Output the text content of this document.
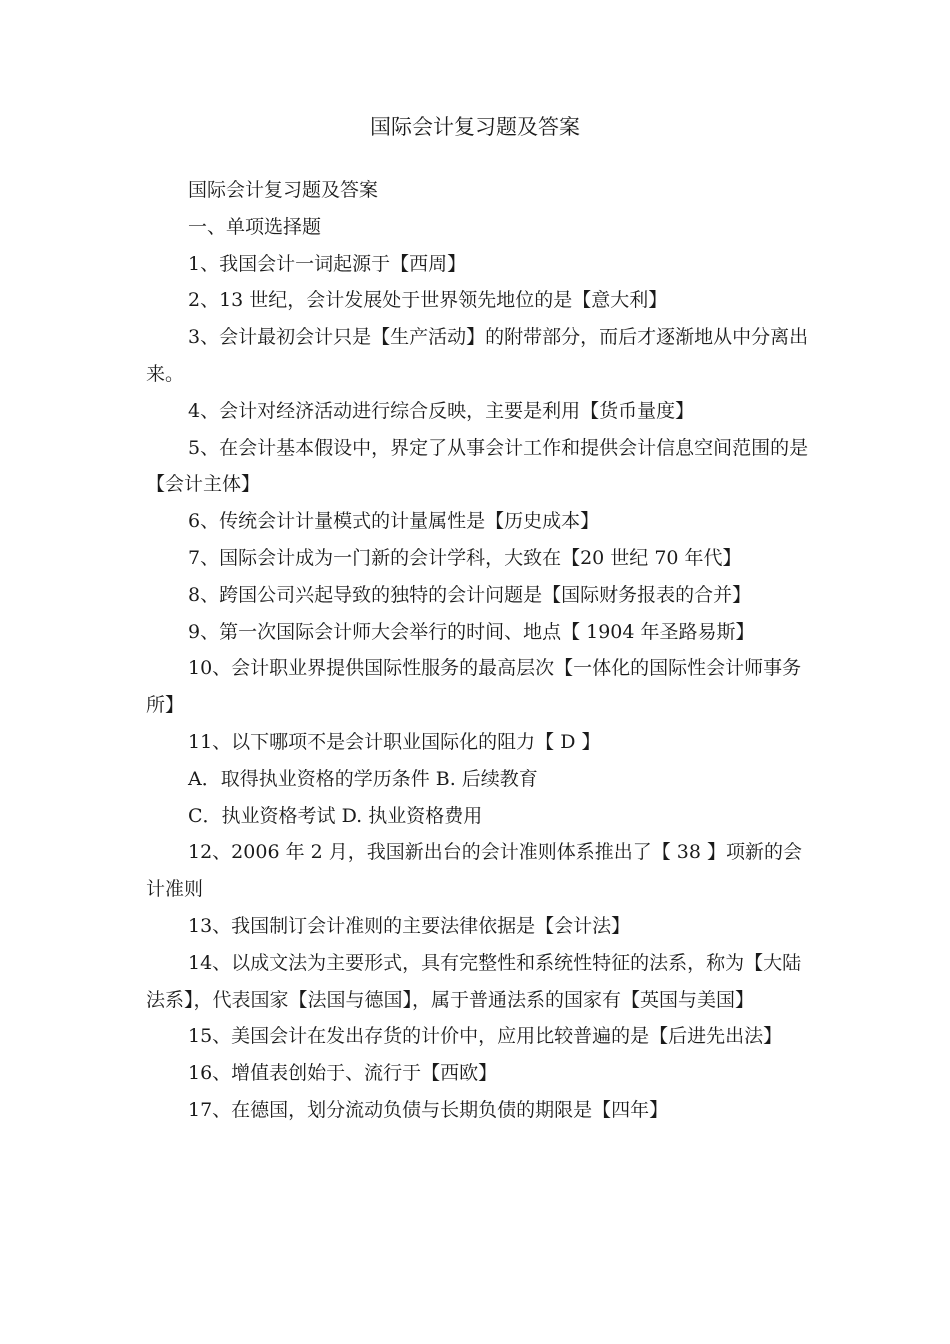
国际会计复习题及答案

国际会计复习题及答案

一、单项选择题

1、我国会计一词起源于【西周】

2、13 世纪，会计发展处于世界领先地位的是【意大利】

3、会计最初会计只是【生产活动】的附带部分，而后才逐渐地从中分离出来。

4、会计对经济活动进行综合反映，主要是利用【货币量度】

5、在会计基本假设中，界定了从事会计工作和提供会计信息空间范围的是【会计主体】

6、传统会计计量模式的计量属性是【历史成本】

7、国际会计成为一门新的会计学科，大致在【20 世纪 70 年代】

8、跨国公司兴起导致的独特的会计问题是【国际财务报表的合并】

9、第一次国际会计师大会举行的时间、地点【 1904 年圣路易斯】

10、会计职业界提供国际性服务的最高层次【一体化的国际性会计师事务所】

11、以下哪项不是会计职业国际化的阻力【 D 】

A．取得执业资格的学历条件 B. 后续教育

C．执业资格考试 D. 执业资格费用

12、2006 年 2 月，我国新出台的会计准则体系推出了【 38 】项新的会计准则

13、我国制订会计准则的主要法律依据是【会计法】

14、以成文法为主要形式，具有完整性和系统性特征的法系，称为【大陆法系】，代表国家【法国与德国】，属于普通法系的国家有【英国与美国】

15、美国会计在发出存货的计价中，应用比较普遍的是【后进先出法】

16、增值表创始于、流行于【西欧】

17、在德国，划分流动负债与长期负债的期限是【四年】
